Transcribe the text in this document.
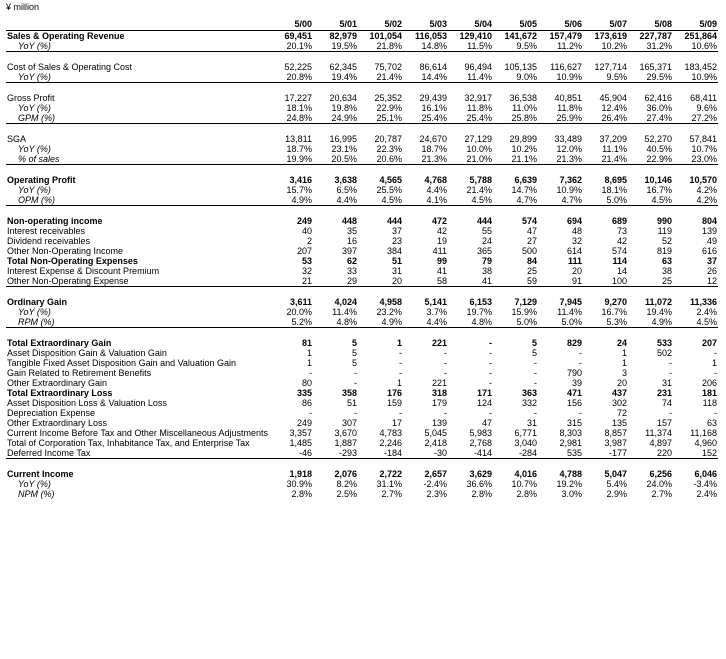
¥ million
	5/00	5/01	5/02	5/03	5/04	5/05	5/06	5/07	5/08	5/09
Sales & Operating Revenue	69,451	82,979	101,054	116,053	129,410	141,672	157,479	173,619	227,787	251,864
YoY (%)	20.1%	19.5%	21.8%	14.8%	11.5%	9.5%	11.2%	10.2%	31.2%	10.6%

Cost of Sales & Operating Cost	52,225	62,345	75,702	86,614	96,494	105,135	116,627	127,714	165,371	183,452
YoY (%)	20.8%	19.4%	21.4%	14.4%	11.4%	9.0%	10.9%	9.5%	29.5%	10.9%

Gross Profit	17,227	20,634	25,352	29,439	32,917	36,538	40,851	45,904	62,416	68,411
YoY (%)	18.1%	19.8%	22.9%	16.1%	11.8%	11.0%	11.8%	12.4%	36.0%	9.6%
GPM (%)	24.8%	24.9%	25.1%	25.4%	25.4%	25.8%	25.9%	26.4%	27.4%	27.2%

SGA	13,811	16,995	20,787	24,670	27,129	29,899	33,489	37,209	52,270	57,841
YoY (%)	18.7%	23.1%	22.3%	18.7%	10.0%	10.2%	12.0%	11.1%	40.5%	10.7%
% of sales	19.9%	20.5%	20.6%	21.3%	21.0%	21.1%	21.3%	21.4%	22.9%	23.0%

Operating Profit	3,416	3,638	4,565	4,768	5,788	6,639	7,362	8,695	10,146	10,570
YoY (%)	15.7%	6.5%	25.5%	4.4%	21.4%	14.7%	10.9%	18.1%	16.7%	4.2%
OPM (%)	4.9%	4.4%	4.5%	4.1%	4.5%	4.7%	4.7%	5.0%	4.5%	4.2%

Non-operating income	249	448	444	472	444	574	694	689	990	804
Interest receivables	40	35	37	42	55	47	48	73	119	139
Dividend receivables	2	16	23	19	24	27	32	42	52	49
Other Non-Operating Income	207	397	384	411	365	500	614	574	819	616
Total Non-Operating Expenses	53	62	51	99	79	84	111	114	63	37
Interest Expense & Discount Premium	32	33	31	41	38	25	20	14	38	26
Other Non-Operating Expense	21	29	20	58	41	59	91	100	25	12

Ordinary Gain	3,611	4,024	4,958	5,141	6,153	7,129	7,945	9,270	11,072	11,336
YoY (%)	20.0%	11.4%	23.2%	3.7%	19.7%	15.9%	11.4%	16.7%	19.4%	2.4%
RPM (%)	5.2%	4.8%	4.9%	4.4%	4.8%	5.0%	5.0%	5.3%	4.9%	4.5%

Total Extraordinary Gain	81	5	1	221	-	5	829	24	533	207
Asset Disposition Gain & Valuation Gain	1	5	-	-	-	5	-	1	502	-
Tangible Fixed Asset Disposition Gain and Valuation Gain	1	5	-	-	-	-	-	1	-	1
Gain Related to Retirement Benefits	-	-	-	-	-	-	790	3	-	-
Other Extraordinary Gain	80	-	1	221	-	-	39	20	31	206
Total Extraordinary Loss	335	358	176	318	171	363	471	437	231	181
Asset Disposition Loss & Valuation Loss	86	51	159	179	124	332	156	302	74	118
Depreciation Expense	-	-	-	-	-	-	-	72	-	-
Other Extraordinary Loss	249	307	17	139	47	31	315	135	157	63
Current Income Before Tax and Other Miscellaneous Adjustments	3,357	3,670	4,783	5,045	5,983	6,771	8,303	8,857	11,374	11,168
Total of Corporation Tax, Inhabitance Tax, and Enterprise Tax	1,485	1,887	2,246	2,418	2,768	3,040	2,981	3,987	4,897	4,960
Deferred Income Tax	-46	-293	-184	-30	-414	-284	535	-177	220	152

Current Income	1,918	2,076	2,722	2,657	3,629	4,016	4,788	5,047	6,256	6,046
YoY (%)	30.9%	8.2%	31.1%	-2.4%	36.6%	10.7%	19.2%	5.4%	24.0%	-3.4%
NPM (%)	2.8%	2.5%	2.7%	2.3%	2.8%	2.8%	3.0%	2.9%	2.7%	2.4%
